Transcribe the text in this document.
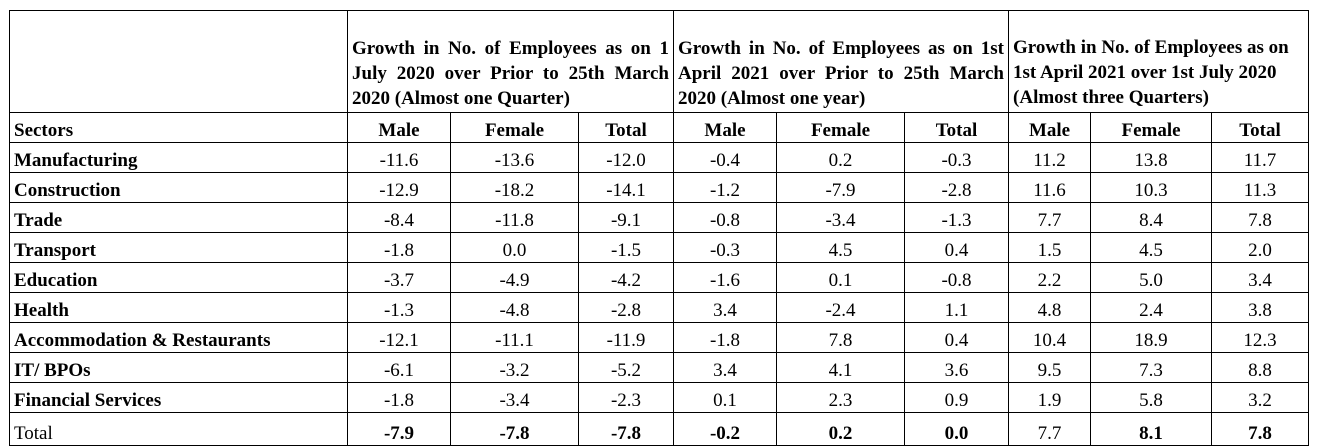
	Growth in No. of Employees as on 1 July 2020 over Prior to 25th March 2020 (Almost one Quarter)			Growth in No. of Employees as on 1st April 2021 over Prior to 25th March 2020 (Almost one year)			Growth in No. of Employees as on 1st April 2021 over 1st July 2020 (Almost three Quarters)		
Sectors	Male	Female	Total	Male	Female	Total	Male	Female	Total
Manufacturing	-11.6	-13.6	-12.0	-0.4	0.2	-0.3	11.2	13.8	11.7
Construction	-12.9	-18.2	-14.1	-1.2	-7.9	-2.8	11.6	10.3	11.3
Trade	-8.4	-11.8	-9.1	-0.8	-3.4	-1.3	7.7	8.4	7.8
Transport	-1.8	0.0	-1.5	-0.3	4.5	0.4	1.5	4.5	2.0
Education	-3.7	-4.9	-4.2	-1.6	0.1	-0.8	2.2	5.0	3.4
Health	-1.3	-4.8	-2.8	3.4	-2.4	1.1	4.8	2.4	3.8
Accommodation & Restaurants	-12.1	-11.1	-11.9	-1.8	7.8	0.4	10.4	18.9	12.3
IT/ BPOs	-6.1	-3.2	-5.2	3.4	4.1	3.6	9.5	7.3	8.8
Financial Services	-1.8	-3.4	-2.3	0.1	2.3	0.9	1.9	5.8	3.2
Total	-7.9	-7.8	-7.8	-0.2	0.2	0.0	7.7	8.1	7.8
